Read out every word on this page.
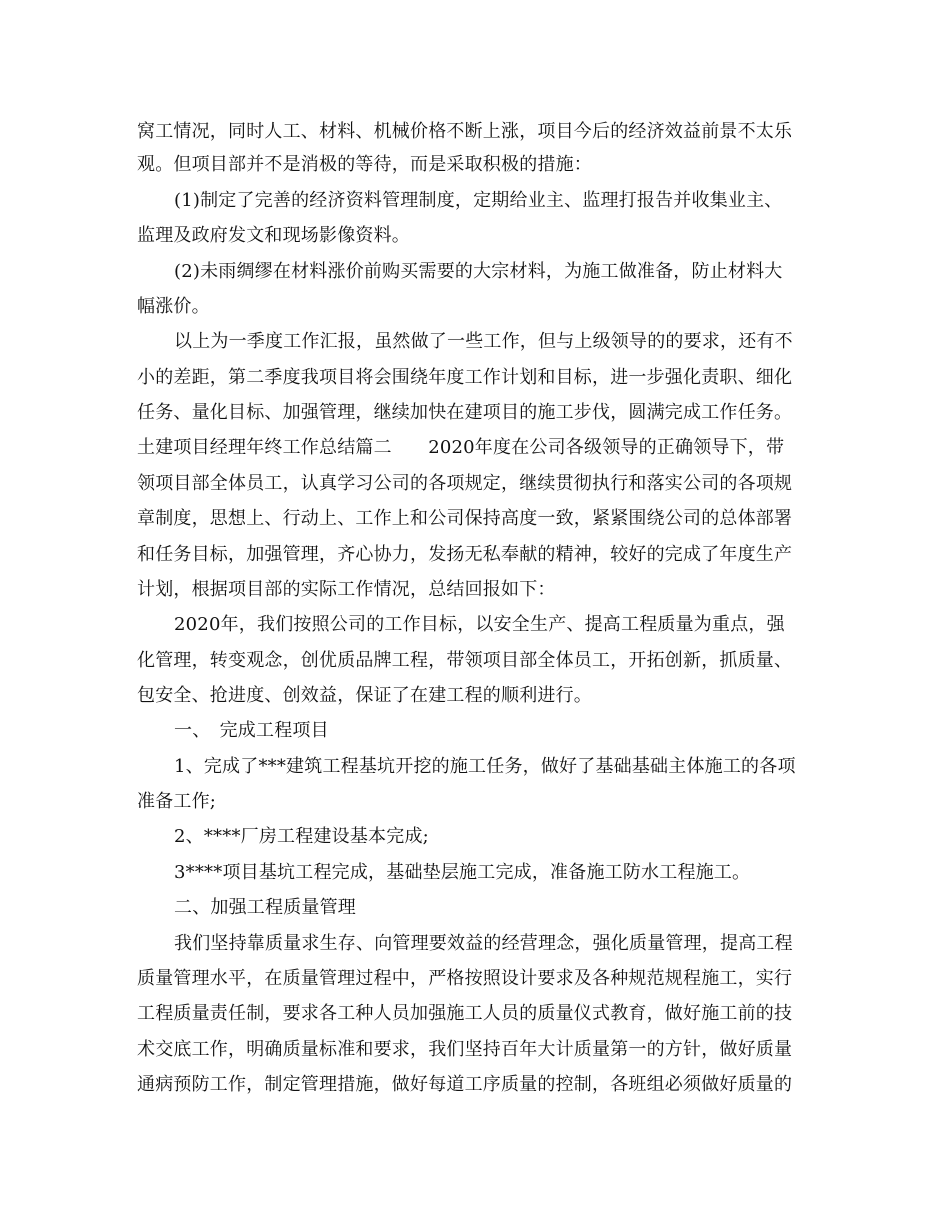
窝工情况，同时人工、材料、机械价格不断上涨，项目今后的经济效益前景不太乐
观。但项目部并不是消极的等待，而是采取积极的措施：
(1)制定了完善的经济资料管理制度，定期给业主、监理打报告并收集业主、
监理及政府发文和现场影像资料。
(2)未雨绸缪在材料涨价前购买需要的大宗材料，为施工做准备，防止材料大
幅涨价。
以上为一季度工作汇报，虽然做了一些工作，但与上级领导的的要求，还有不
小的差距，第二季度我项目将会围绕年度工作计划和目标，进一步强化责职、细化
任务、量化目标、加强管理，继续加快在建项目的施工步伐，圆满完成工作任务。
土建项目经理年终工作总结篇二　　2020年度在公司各级领导的正确领导下，带
领项目部全体员工，认真学习公司的各项规定，继续贯彻执行和落实公司的各项规
章制度，思想上、行动上、工作上和公司保持高度一致，紧紧围绕公司的总体部署
和任务目标，加强管理，齐心协力，发扬无私奉献的精神，较好的完成了年度生产
计划，根据项目部的实际工作情况，总结回报如下：
2020年，我们按照公司的工作目标，以安全生产、提高工程质量为重点，强
化管理，转变观念，创优质品牌工程，带领项目部全体员工，开拓创新，抓质量、
包安全、抢进度、创效益，保证了在建工程的顺利进行。
一、　完成工程项目
1、完成了***建筑工程基坑开挖的施工任务，做好了基础基础主体施工的各项
准备工作;
2、****厂房工程建设基本完成;
3****项目基坑工程完成，基础垫层施工完成，准备施工防水工程施工。
二、加强工程质量管理
我们坚持靠质量求生存、向管理要效益的经营理念，强化质量管理，提高工程
质量管理水平，在质量管理过程中，严格按照设计要求及各种规范规程施工，实行
工程质量责任制，要求各工种人员加强施工人员的质量仪式教育，做好施工前的技
术交底工作，明确质量标准和要求，我们坚持百年大计质量第一的方针，做好质量
通病预防工作，制定管理措施，做好每道工序质量的控制，各班组必须做好质量的
